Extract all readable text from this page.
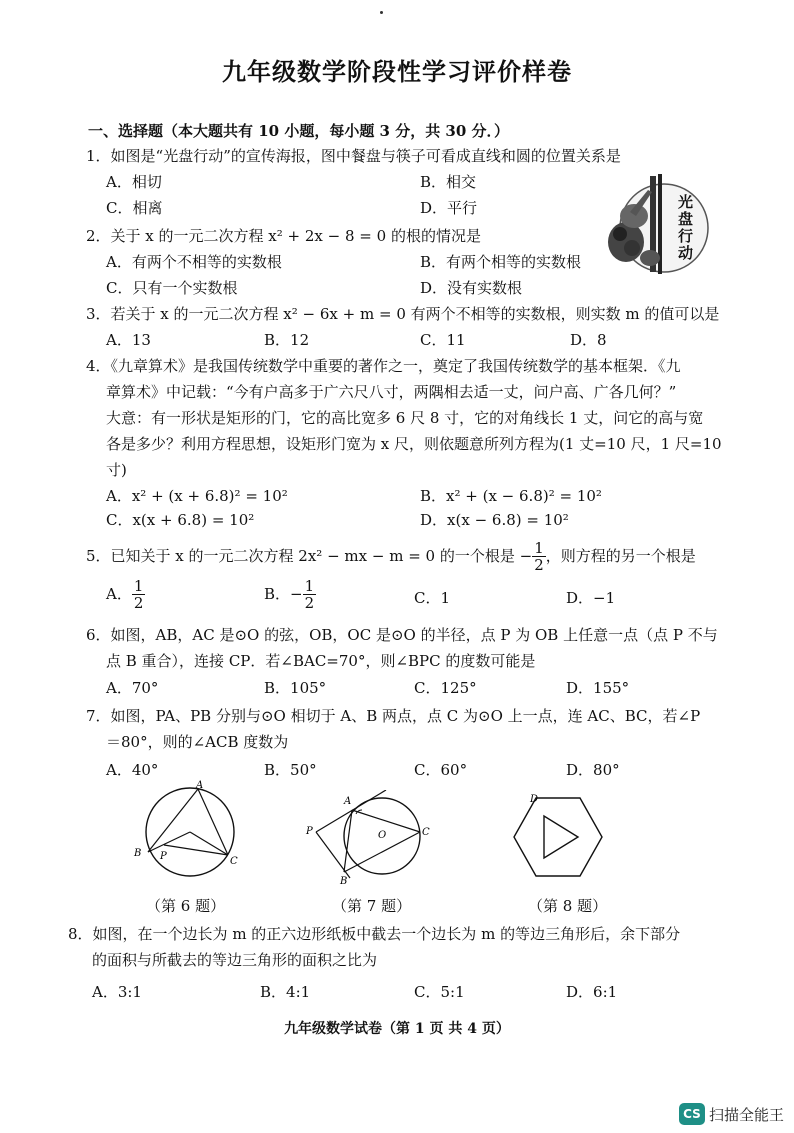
九年级数学阶段性学习评价样卷
一、选择题（本大题共有 10 小题，每小题 3 分，共 30 分．）
1．如图是“光盘行动”的宣传海报，图中餐盘与筷子可看成直线和圆的位置关系是
A．相切	B．相交
C．相离	D．平行	光盘行动
2．关于 x 的一元二次方程 x² + 2x − 8 = 0 的根的情况是
A．有两个不相等的实数根	B．有两个相等的实数根
C．只有一个实数根	D．没有实数根
3．若关于 x 的一元二次方程 x² − 6x + m = 0 有两个不相等的实数根，则实数 m 的值可以是
A．13	B．12	C．11	D．8
4．《九章算术》是我国传统数学中重要的著作之一，奠定了我国传统数学的基本框架．《九
章算术》中记载：“今有户高多于广六尺八寸，两隅相去适一丈，问户高、广各几何？”
大意：有一形状是矩形的门，它的高比宽多 6 尺 8 寸，它的对角线长 1 丈，问它的高与宽
各是多少？利用方程思想，设矩形门宽为 x 尺，则依题意所列方程为(1 丈=10 尺，1 尺=10
寸)
A．x² + (x + 6.8)² = 10²	B．x² + (x − 6.8)² = 10²
C．x(x + 6.8) = 10²	D．x(x − 6.8) = 10²
5．已知关于 x 的一元二次方程 2x² − mx − m = 0 的一个根是 − $\frac{1}{2}$ ，则方程的另一个根是
A． $\frac{1}{2}$	B．− $\frac{1}{2}$	C．1	D．−1
6．如图，AB，AC 是⊙O 的弦，OB，OC 是⊙O 的半径，点 P 为 OB 上任意一点（点 P 不与
点 B 重合），连接 CP．若∠BAC=70°，则∠BPC 的度数可能是
A．70°	B．105°	C．125°	D．155°
7．如图，PA、PB 分别与⊙O 相切于 A、B 两点，点 C 为⊙O 上一点，连 AC、BC，若∠P
＝80°，则的∠ACB 度数为
A．40°	B．50°	C．60°	D．80°
A
B
C
P
A
P
B
C
O
D
（第 6 题）	（第 7 题）	（第 8 题）
8．如图，在一个边长为 m 的正六边形纸板中截去一个边长为 m 的等边三角形后，余下部分
的面积与所截去的等边三角形的面积之比为
A．3:1	B．4:1	C．5:1	D．6:1
九年级数学试卷（第 1 页 共 4 页）
CS 扫描全能王
